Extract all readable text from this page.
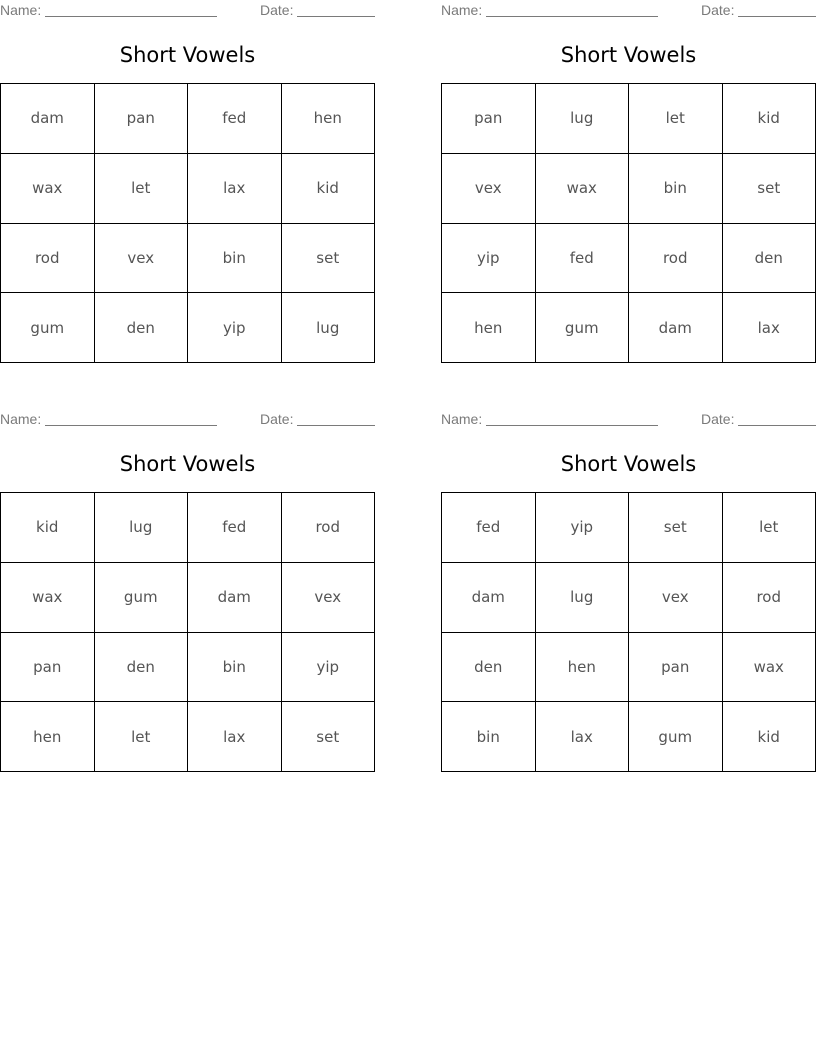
Name:	Date:
Short Vowels
dam	pan	fed	hen
wax	let	lax	kid
rod	vex	bin	set
gum	den	yip	lug
Name:	Date:
Short Vowels
pan	lug	let	kid
vex	wax	bin	set
yip	fed	rod	den
hen	gum	dam	lax
Name:	Date:
Short Vowels
kid	lug	fed	rod
wax	gum	dam	vex
pan	den	bin	yip
hen	let	lax	set
Name:	Date:
Short Vowels
fed	yip	set	let
dam	lug	vex	rod
den	hen	pan	wax
bin	lax	gum	kid
